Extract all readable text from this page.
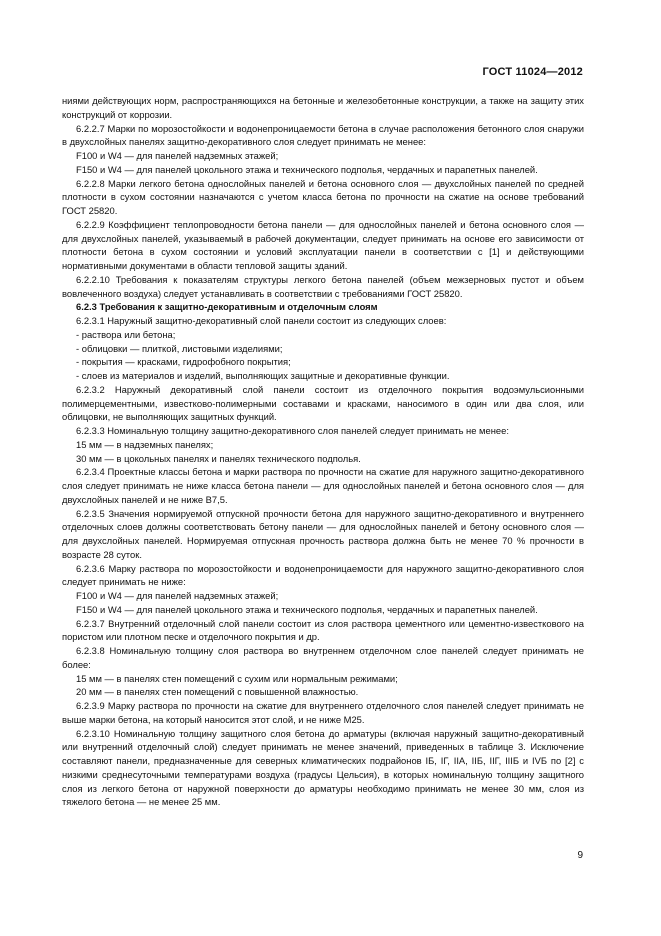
ГОСТ 11024—2012

ниями действующих норм, распространяющихся на бетонные и железобетонные конструкции, а также на защиту этих конструкций от коррозии.

6.2.2.7 Марки по морозостойкости и водонепроницаемости бетона в случае расположения бетонного слоя снаружи в двухслойных панелях защитно-декоративного слоя следует принимать не менее:

F100 и W4 — для панелей надземных этажей;

F150 и W4 — для панелей цокольного этажа и технического подполья, чердачных и парапетных панелей.

6.2.2.8 Марки легкого бетона однослойных панелей и бетона основного слоя — двухслойных панелей по средней плотности в сухом состоянии назначаются с учетом класса бетона по прочности на сжатие на основе требований ГОСТ 25820.

6.2.2.9 Коэффициент теплопроводности бетона панели — для однослойных панелей и бетона основного слоя — для двухслойных панелей, указываемый в рабочей документации, следует принимать на основе его зависимости от плотности бетона в сухом состоянии и условий эксплуатации панели в соответствии с [1] и действующими нормативными документами в области тепловой защиты зданий.

6.2.2.10 Требования к показателям структуры легкого бетона панелей (объем межзерновых пустот и объем вовлеченного воздуха) следует устанавливать в соответствии с требованиями ГОСТ 25820.

6.2.3 Требования к защитно-декоративным и отделочным слоям

6.2.3.1 Наружный защитно-декоративный слой панели состоит из следующих слоев:

- раствора или бетона;

- облицовки — плиткой, листовыми изделиями;

- покрытия — красками, гидрофобного покрытия;

- слоев из материалов и изделий, выполняющих защитные и декоративные функции.

6.2.3.2 Наружный декоративный слой панели состоит из отделочного покрытия водоэмульсионными полимерцементными, известково-полимерными составами и красками, наносимого в один или два слоя, или облицовки, не выполняющих защитных функций.

6.2.3.3 Номинальную толщину защитно-декоративного слоя панелей следует принимать не менее:

15 мм — в надземных панелях;

30 мм — в цокольных панелях и панелях технического подполья.

6.2.3.4 Проектные классы бетона и марки раствора по прочности на сжатие для наружного защитно-декоративного слоя следует принимать не ниже класса бетона панели — для однослойных панелей и бетона основного слоя — для двухслойных панелей и не ниже В7,5.

6.2.3.5 Значения нормируемой отпускной прочности бетона для наружного защитно-декоративного и внутреннего отделочных слоев должны соответствовать бетону панели — для однослойных панелей и бетону основного слоя — для двухслойных панелей. Нормируемая отпускная прочность раствора должна быть не менее 70 % прочности в возрасте 28 суток.

6.2.3.6 Марку раствора по морозостойкости и водонепроницаемости для наружного защитно-декоративного слоя следует принимать не ниже:

F100 и W4 — для панелей надземных этажей;

F150 и W4 — для панелей цокольного этажа и технического подполья, чердачных и парапетных панелей.

6.2.3.7 Внутренний отделочный слой панели состоит из слоя раствора цементного или цементно-известкового на пористом или плотном песке и отделочного покрытия и др.

6.2.3.8 Номинальную толщину слоя раствора во внутреннем отделочном слое панелей следует принимать не более:

15 мм — в панелях стен помещений с сухим или нормальным режимами;

20 мм — в панелях стен помещений с повышенной влажностью.

6.2.3.9 Марку раствора по прочности на сжатие для внутреннего отделочного слоя панелей следует принимать не выше марки бетона, на который наносится этот слой, и не ниже М25.

6.2.3.10 Номинальную толщину защитного слоя бетона до арматуры (включая наружный защитно-декоративный или внутренний отделочный слой) следует принимать не менее значений, приведенных в таблице 3. Исключение составляют панели, предназначенные для северных климатических подрайонов IБ, IГ, IIА, IIБ, IIГ, IIIБ и IVБ по [2] с низкими среднесуточными температурами воздуха (градусы Цельсия), в которых номинальную толщину защитного слоя из легкого бетона от наружной поверхности до арматуры необходимо принимать не менее 30 мм, слоя из тяжелого бетона — не менее 25 мм.

9
